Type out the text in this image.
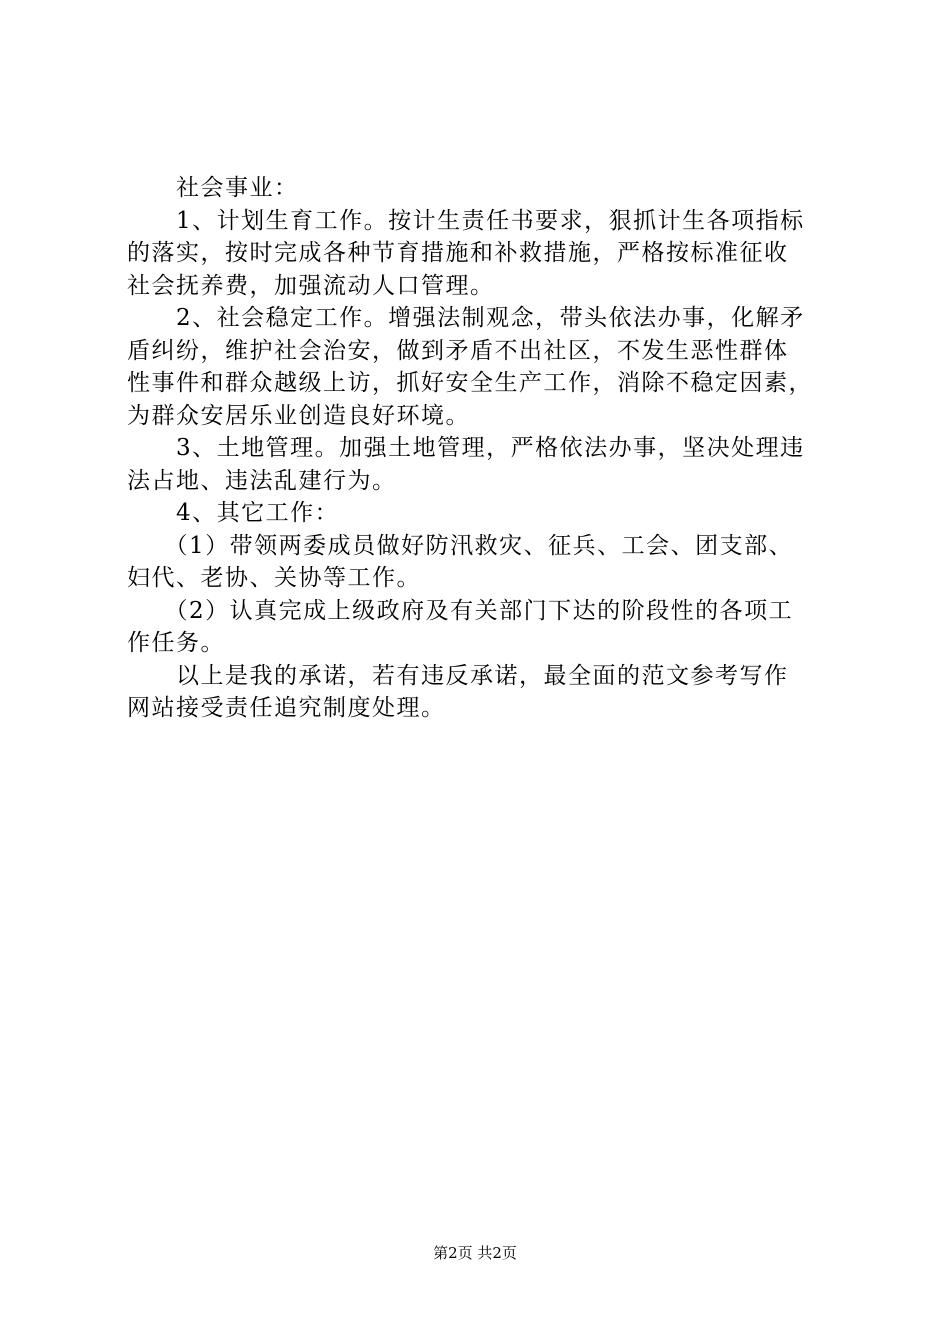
　　社会事业：
　　1、计划生育工作。按计生责任书要求，狠抓计生各项指标
的落实，按时完成各种节育措施和补救措施，严格按标准征收
社会抚养费，加强流动人口管理。
　　2、社会稳定工作。增强法制观念，带头依法办事，化解矛
盾纠纷，维护社会治安，做到矛盾不出社区，不发生恶性群体
性事件和群众越级上访，抓好安全生产工作，消除不稳定因素，
为群众安居乐业创造良好环境。
　　3、土地管理。加强土地管理，严格依法办事，坚决处理违
法占地、违法乱建行为。
　　4、其它工作：
　　（1）带领两委成员做好防汛救灾、征兵、工会、团支部、
妇代、老协、关协等工作。
　　（2）认真完成上级政府及有关部门下达的阶段性的各项工
作任务。
　　以上是我的承诺，若有违反承诺，最全面的范文参考写作
网站接受责任追究制度处理。
第2页 共2页
